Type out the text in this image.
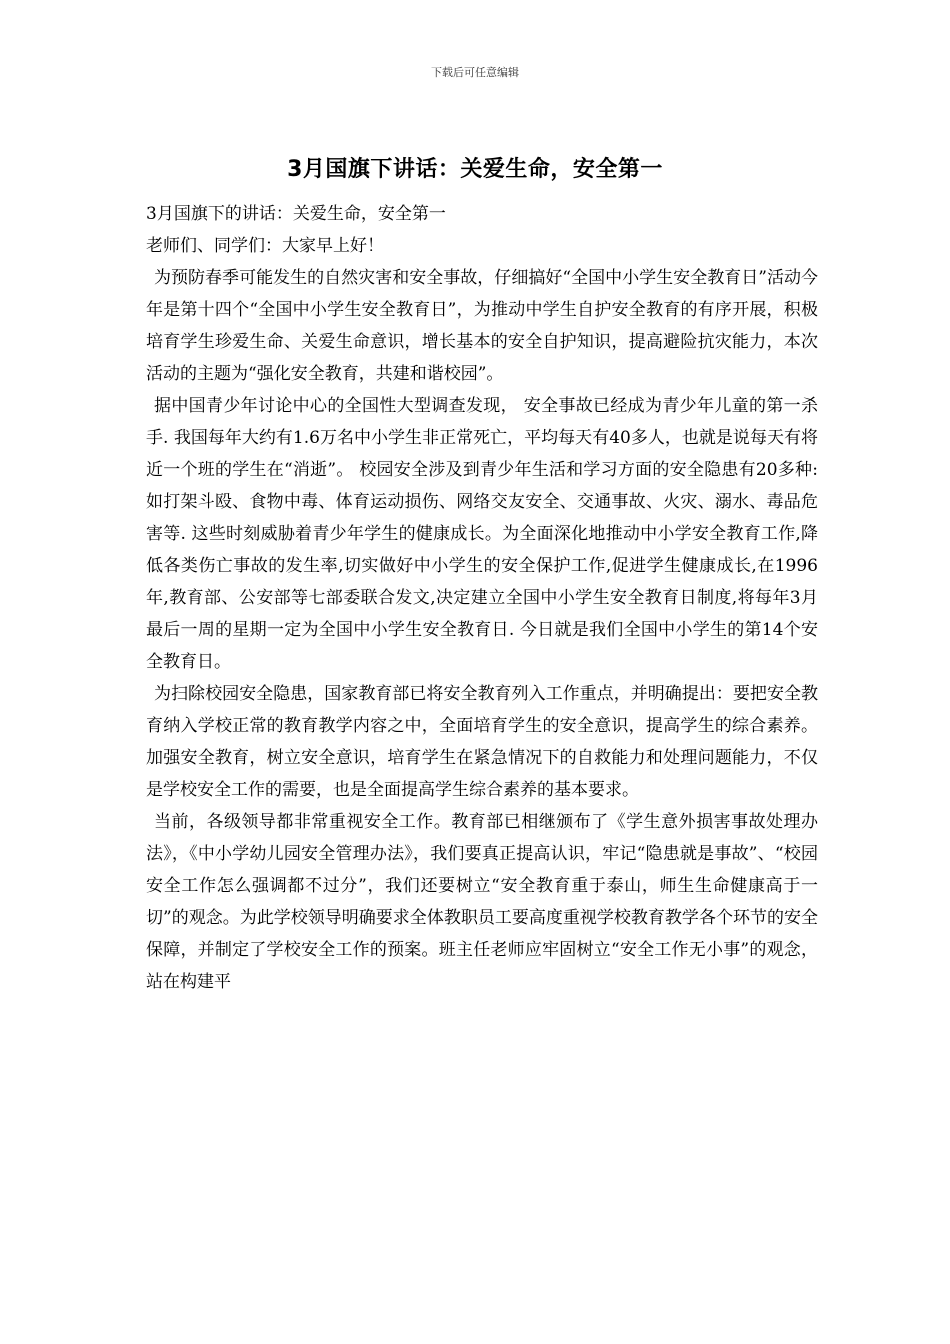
下载后可任意编辑
3月国旗下讲话：关爱生命，安全第一

3月国旗下的讲话：关爱生命，安全第一

老师们、同学们：大家早上好！

为预防春季可能发生的自然灾害和安全事故，仔细搞好“全国中小学生安全教育日”活动今年是第十四个“全国中小学生安全教育日”，为推动中学生自护安全教育的有序开展，积极培育学生珍爱生命、关爱生命意识，增长基本的安全自护知识，提高避险抗灾能力，本次活动的主题为“强化安全教育，共建和谐校园”。

据中国青少年讨论中心的全国性大型调查发现， 安全事故已经成为青少年儿童的第一杀手. 我国每年大约有1.6万名中小学生非正常死亡，平均每天有40多人，也就是说每天有将近一个班的学生在“消逝”。 校园安全涉及到青少年生活和学习方面的安全隐患有20多种:如打架斗殴、食物中毒、体育运动损伤、网络交友安全、交通事故、火灾、溺水、毒品危害等. 这些时刻威胁着青少年学生的健康成长。为全面深化地推动中小学安全教育工作,降低各类伤亡事故的发生率,切实做好中小学生的安全保护工作,促进学生健康成长,在1996年,教育部、公安部等七部委联合发文,决定建立全国中小学生安全教育日制度,将每年3月最后一周的星期一定为全国中小学生安全教育日. 今日就是我们全国中小学生的第14个安全教育日。

为扫除校园安全隐患，国家教育部已将安全教育列入工作重点，并明确提出：要把安全教育纳入学校正常的教育教学内容之中，全面培育学生的安全意识，提高学生的综合素养。加强安全教育，树立安全意识，培育学生在紧急情况下的自救能力和处理问题能力，不仅是学校安全工作的需要，也是全面提高学生综合素养的基本要求。

当前，各级领导都非常重视安全工作。教育部已相继颁布了《学生意外损害事故处理办法》，《中小学幼儿园安全管理办法》，我们要真正提高认识，牢记“隐患就是事故”、“校园安全工作怎么强调都不过分”，我们还要树立“安全教育重于泰山，师生生命健康高于一切”的观念。为此学校领导明确要求全体教职员工要高度重视学校教育教学各个环节的安全保障，并制定了学校安全工作的预案。班主任老师应牢固树立“安全工作无小事”的观念，站在构建平
